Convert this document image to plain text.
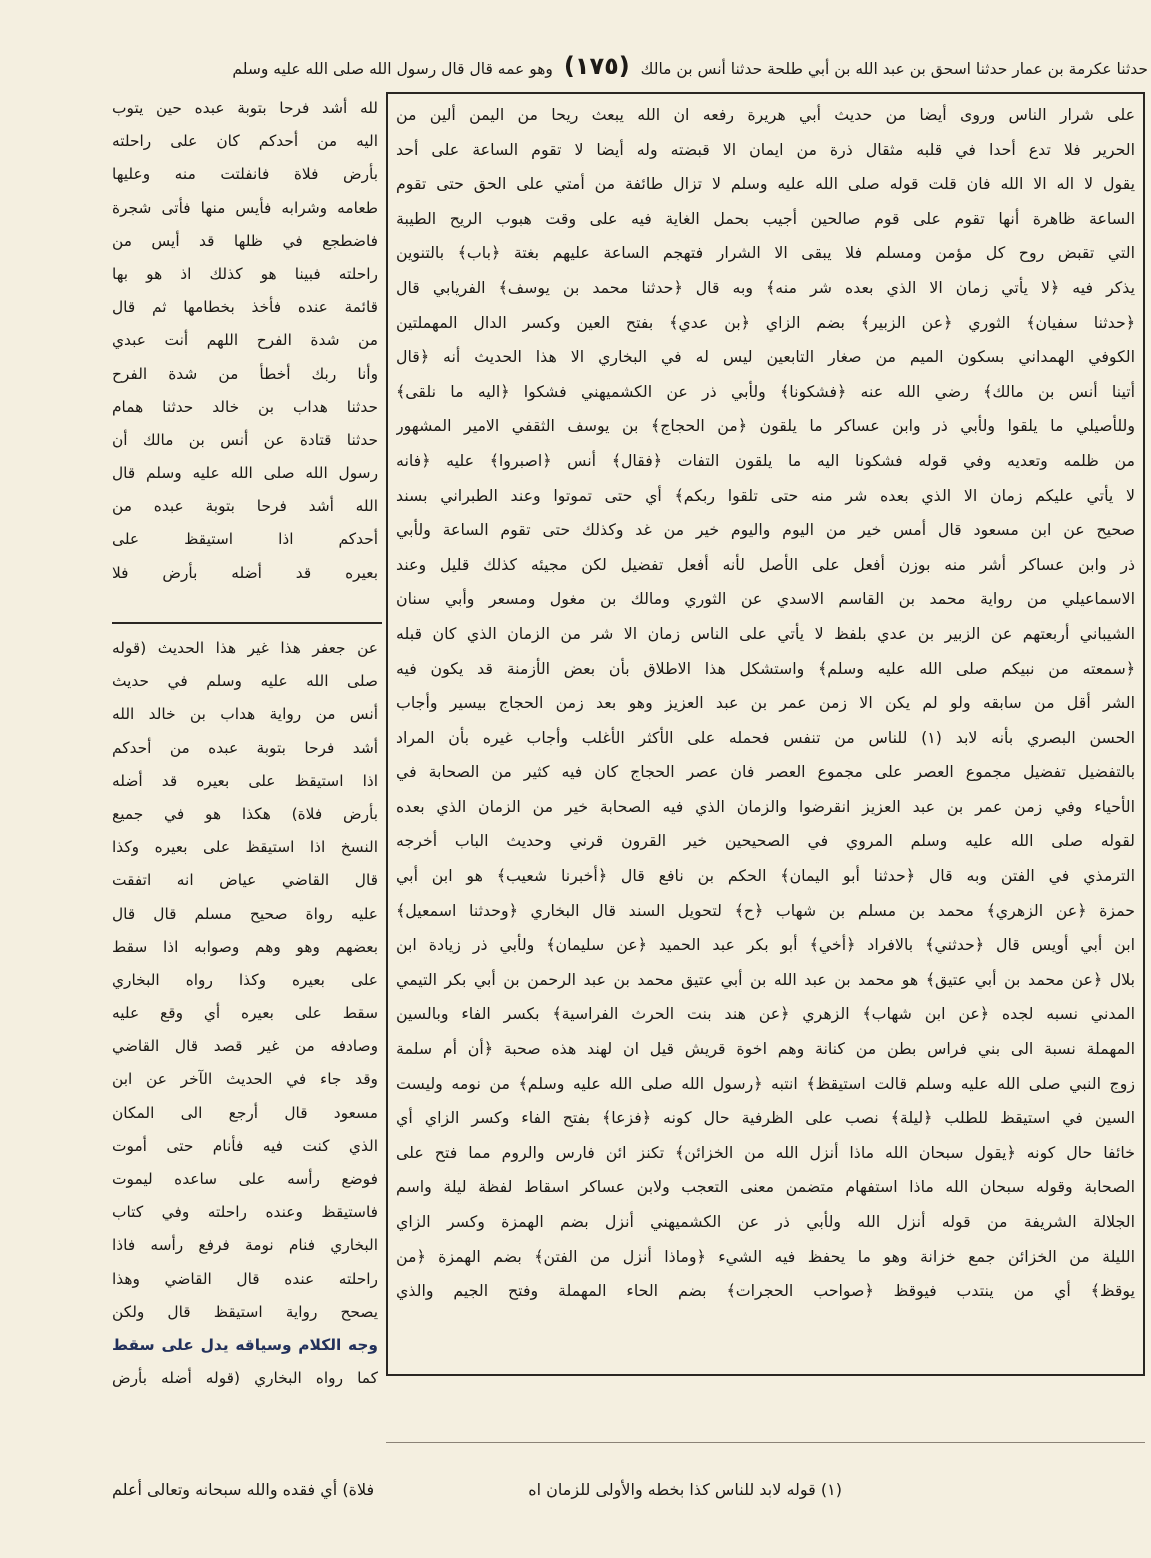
حدثنا عكرمة بن عمار حدثنا اسحق بن عبد الله بن أبي طلحة حدثنا أنس بن مالك (١٧٥) وهو عمه قال قال رسول الله صلى الله عليه وسلم
على شرار الناس وروى أيضا من حديث أبي هريرة رفعه ان الله يبعث ريحا من اليمن ألين من
الحرير فلا تدع أحدا في قلبه مثقال ذرة من ايمان الا قبضته وله أيضا لا تقوم الساعة على أحد
يقول لا اله الا الله فان قلت قوله صلى الله عليه وسلم لا تزال طائفة من أمتي على الحق حتى تقوم
الساعة ظاهرة أنها تقوم على قوم صالحين أجيب بحمل الغاية فيه على وقت هبوب الريح الطيبة
التي تقبض روح كل مؤمن ومسلم فلا يبقى الا الشرار فتهجم الساعة عليهم بغتة ﴿باب﴾ بالتنوين
يذكر فيه ﴿لا يأتي زمان الا الذي بعده شر منه﴾ وبه قال ﴿حدثنا محمد بن يوسف﴾ الفريابي قال
﴿حدثنا سفيان﴾ الثوري ﴿عن الزبير﴾ بضم الزاي ﴿بن عدي﴾ بفتح العين وكسر الدال المهملتين
الكوفي الهمداني بسكون الميم من صغار التابعين ليس له في البخاري الا هذا الحديث أنه ﴿قال
أتينا أنس بن مالك﴾ رضي الله عنه ﴿فشكونا﴾ ولأبي ذر عن الكشميهني فشكوا ﴿اليه ما نلقى﴾
وللأصيلي ما يلقوا ولأبي ذر وابن عساكر ما يلقون ﴿من الحجاج﴾ بن يوسف الثقفي الامير المشهور
من ظلمه وتعديه وفي قوله فشكونا اليه ما يلقون التفات ﴿فقال﴾ أنس ﴿اصبروا﴾ عليه ﴿فانه
لا يأتي عليكم زمان الا الذي بعده شر منه حتى تلقوا ربكم﴾ أي حتى تموتوا وعند الطبراني بسند
صحيح عن ابن مسعود قال أمس خير من اليوم واليوم خير من غد وكذلك حتى تقوم الساعة ولأبي
ذر وابن عساكر أشر منه بوزن أفعل على الأصل لأنه أفعل تفضيل لكن مجيئه كذلك قليل وعند
الاسماعيلي من رواية محمد بن القاسم الاسدي عن الثوري ومالك بن مغول ومسعر وأبي سنان
الشيباني أربعتهم عن الزبير بن عدي بلفظ لا يأتي على الناس زمان الا شر من الزمان الذي كان قبله
﴿سمعته من نبيكم صلى الله عليه وسلم﴾ واستشكل هذا الاطلاق بأن بعض الأزمنة قد يكون فيه
الشر أقل من سابقه ولو لم يكن الا زمن عمر بن عبد العزيز وهو بعد زمن الحجاج بيسير وأجاب
الحسن البصري بأنه لابد (١) للناس من تنفس فحمله على الأكثر الأغلب وأجاب غيره بأن المراد
بالتفضيل تفضيل مجموع العصر على مجموع العصر فان عصر الحجاج كان فيه كثير من الصحابة في
الأحياء وفي زمن عمر بن عبد العزيز انقرضوا والزمان الذي فيه الصحابة خير من الزمان الذي بعده
لقوله صلى الله عليه وسلم المروي في الصحيحين خير القرون قرني وحديث الباب أخرجه
الترمذي في الفتن وبه قال ﴿حدثنا أبو اليمان﴾ الحكم بن نافع قال ﴿أخبرنا شعيب﴾ هو ابن أبي
حمزة ﴿عن الزهري﴾ محمد بن مسلم بن شهاب ﴿ح﴾ لتحويل السند قال البخاري ﴿وحدثنا اسمعيل﴾
ابن أبي أويس قال ﴿حدثني﴾ بالافراد ﴿أخي﴾ أبو بكر عبد الحميد ﴿عن سليمان﴾ ولأبي ذر زيادة ابن
بلال ﴿عن محمد بن أبي عتيق﴾ هو محمد بن عبد الله بن أبي عتيق محمد بن عبد الرحمن بن أبي بكر التيمي
المدني نسبه لجده ﴿عن ابن شهاب﴾ الزهري ﴿عن هند بنت الحرث الفراسية﴾ بكسر الفاء وبالسين
المهملة نسبة الى بني فراس بطن من كنانة وهم اخوة قريش قيل ان لهند هذه صحبة ﴿أن أم سلمة
زوج النبي صلى الله عليه وسلم قالت استيقظ﴾ انتبه ﴿رسول الله صلى الله عليه وسلم﴾ من نومه وليست
السين في استيقظ للطلب ﴿ليلة﴾ نصب على الظرفية حال كونه ﴿فزعا﴾ بفتح الفاء وكسر الزاي أي
خائفا حال كونه ﴿يقول سبحان الله ماذا أنزل الله من الخزائن﴾ تكنز ائن فارس والروم مما فتح على
الصحابة وقوله سبحان الله ماذا استفهام متضمن معنى التعجب ولابن عساكر اسقاط لفظة ليلة واسم
الجلالة الشريفة من قوله أنزل الله ولأبي ذر عن الكشميهني أنزل بضم الهمزة وكسر الزاي
الليلة من الخزائن جمع خزانة وهو ما يحفظ فيه الشيء ﴿وماذا أنزل من الفتن﴾ بضم الهمزة ﴿من
يوقظ﴾ أي من ينتدب فيوقظ ﴿صواحب الحجرات﴾ بضم الحاء المهملة وفتح الجيم والذي
لله أشد فرحا بتوبة عبده حين يتوب
اليه من أحدكم كان على راحلته
بأرض فلاة فانفلتت منه وعليها
طعامه وشرابه فأيس منها فأتى شجرة
فاضطجع في ظلها قد أيس من
راحلته فبينا هو كذلك اذ هو بها
قائمة عنده فأخذ بخطامها ثم قال
من شدة الفرح اللهم أنت عبدي
وأنا ربك أخطأ من شدة الفرح
حدثنا هداب بن خالد حدثنا همام
حدثنا قتادة عن أنس بن مالك أن
رسول الله صلى الله عليه وسلم قال
الله أشد فرحا بتوبة عبده من
أحدكم اذا استيقظ على
بعيره قد أضله بأرض فلا
عن جعفر هذا غير هذا الحديث (قوله
صلى الله عليه وسلم في حديث
أنس من رواية هداب بن خالد الله
أشد فرحا بتوبة عبده من أحدكم
اذا استيقظ على بعيره قد أضله
بأرض فلاة) هكذا هو في جميع
النسخ اذا استيقظ على بعيره وكذا
قال القاضي عياض انه اتفقت
عليه رواة صحيح مسلم قال قال
بعضهم وهو وهم وصوابه اذا سقط
على بعيره وكذا رواه البخاري
سقط على بعيره أي وقع عليه
وصادفه من غير قصد قال القاضي
وقد جاء في الحديث الآخر عن ابن
مسعود قال أرجع الى المكان
الذي كنت فيه فأنام حتى أموت
فوضع رأسه على ساعده ليموت
فاستيقظ وعنده راحلته وفي كتاب
البخاري فنام نومة فرفع رأسه فاذا
راحلته عنده قال القاضي وهذا
يصحح رواية استيقظ قال ولكن
وجه الكلام وسياقه يدل على سقط
كما رواه البخاري (قوله أضله بأرض
(١) قوله لابد للناس كذا بخطه والأولى للزمان اه
فلاة) أي فقده والله سبحانه وتعالى أعلم
